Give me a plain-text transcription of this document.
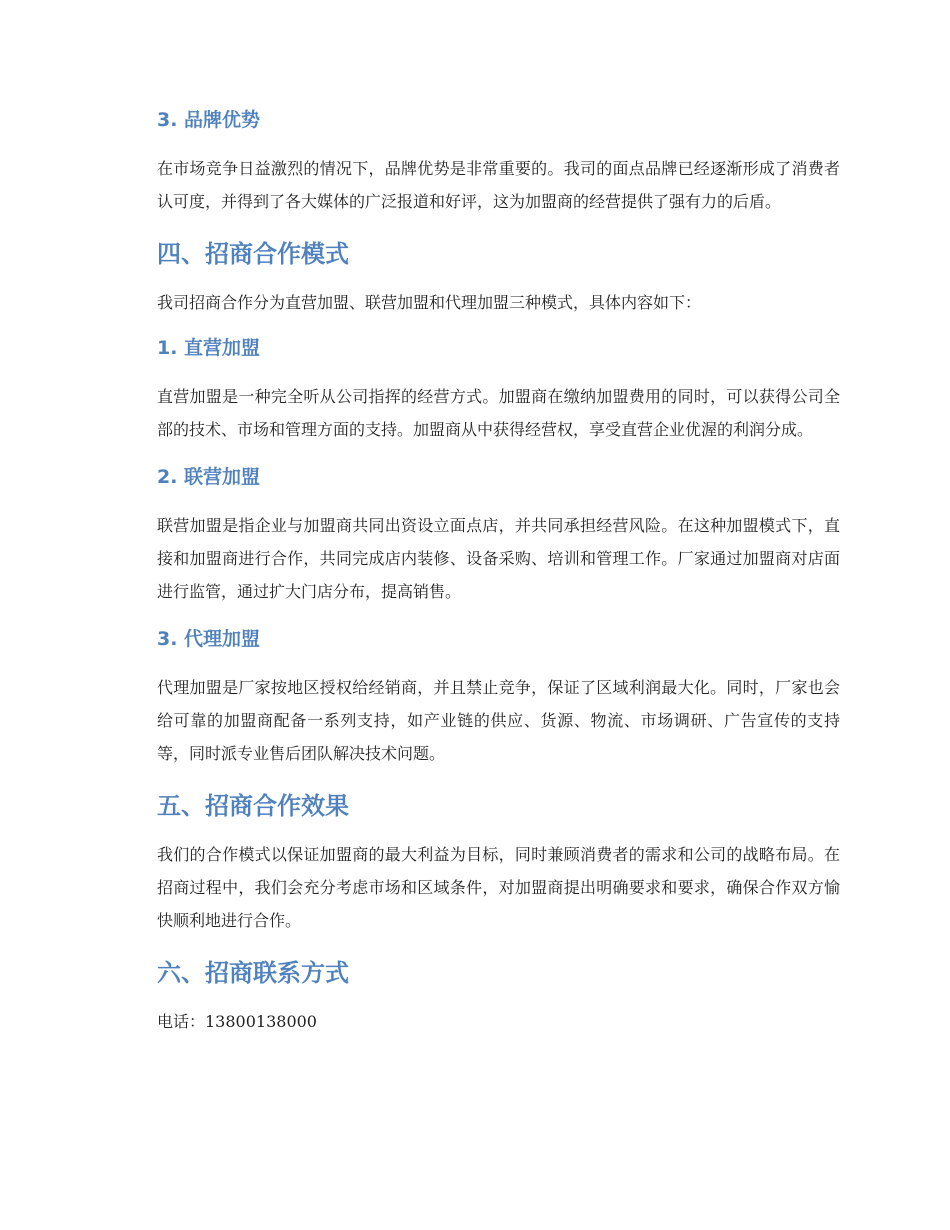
3. 品牌优势

在市场竞争日益激烈的情况下，品牌优势是非常重要的。我司的面点品牌已经逐渐形成了消费者认可度，并得到了各大媒体的广泛报道和好评，这为加盟商的经营提供了强有力的后盾。

四、招商合作模式

我司招商合作分为直营加盟、联营加盟和代理加盟三种模式，具体内容如下：

1. 直营加盟

直营加盟是一种完全听从公司指挥的经营方式。加盟商在缴纳加盟费用的同时，可以获得公司全部的技术、市场和管理方面的支持。加盟商从中获得经营权，享受直营企业优渥的利润分成。

2. 联营加盟

联营加盟是指企业与加盟商共同出资设立面点店，并共同承担经营风险。在这种加盟模式下，直接和加盟商进行合作，共同完成店内装修、设备采购、培训和管理工作。厂家通过加盟商对店面进行监管，通过扩大门店分布，提高销售。

3. 代理加盟

代理加盟是厂家按地区授权给经销商，并且禁止竞争，保证了区域利润最大化。同时，厂家也会给可靠的加盟商配备一系列支持，如产业链的供应、货源、物流、市场调研、广告宣传的支持等，同时派专业售后团队解决技术问题。

五、招商合作效果

我们的合作模式以保证加盟商的最大利益为目标，同时兼顾消费者的需求和公司的战略布局。在招商过程中，我们会充分考虑市场和区域条件，对加盟商提出明确要求和要求，确保合作双方愉快顺利地进行合作。

六、招商联系方式

电话：13800138000
